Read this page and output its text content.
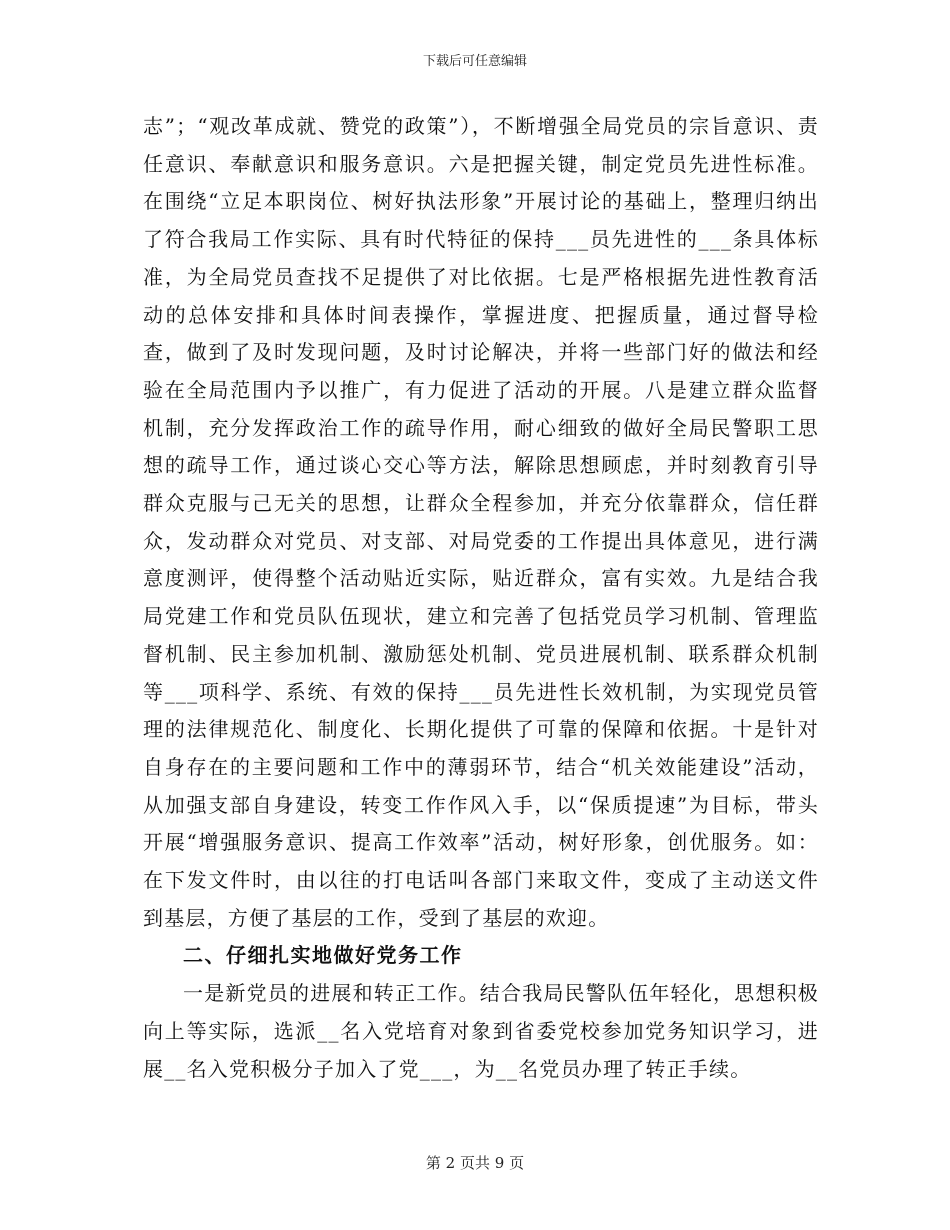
下载后可任意编辑

志”；“观改革成就、赞党的政策”），不断增强全局党员的宗旨意识、责任意识、奉献意识和服务意识。六是把握关键，制定党员先进性标准。在围绕“立足本职岗位、树好执法形象”开展讨论的基础上，整理归纳出了符合我局工作实际、具有时代特征的保持___员先进性的___条具体标准，为全局党员查找不足提供了对比依据。七是严格根据先进性教育活动的总体安排和具体时间表操作，掌握进度、把握质量，通过督导检查，做到了及时发现问题，及时讨论解决，并将一些部门好的做法和经验在全局范围内予以推广，有力促进了活动的开展。八是建立群众监督机制，充分发挥政治工作的疏导作用，耐心细致的做好全局民警职工思想的疏导工作，通过谈心交心等方法，解除思想顾虑，并时刻教育引导群众克服与己无关的思想，让群众全程参加，并充分依靠群众，信任群众，发动群众对党员、对支部、对局党委的工作提出具体意见，进行满意度测评，使得整个活动贴近实际，贴近群众，富有实效。九是结合我局党建工作和党员队伍现状，建立和完善了包括党员学习机制、管理监督机制、民主参加机制、激励惩处机制、党员进展机制、联系群众机制等___项科学、系统、有效的保持___员先进性长效机制，为实现党员管理的法律规范化、制度化、长期化提供了可靠的保障和依据。十是针对自身存在的主要问题和工作中的薄弱环节，结合“机关效能建设”活动，从加强支部自身建设，转变工作作风入手，以“保质提速”为目标，带头开展“增强服务意识、提高工作效率”活动，树好形象，创优服务。如：在下发文件时，由以往的打电话叫各部门来取文件，变成了主动送文件到基层，方便了基层的工作，受到了基层的欢迎。

二、仔细扎实地做好党务工作

一是新党员的进展和转正工作。结合我局民警队伍年轻化，思想积极向上等实际，选派__名入党培育对象到省委党校参加党务知识学习，进展__名入党积极分子加入了党___，为__名党员办理了转正手续。

第 2 页共 9 页
